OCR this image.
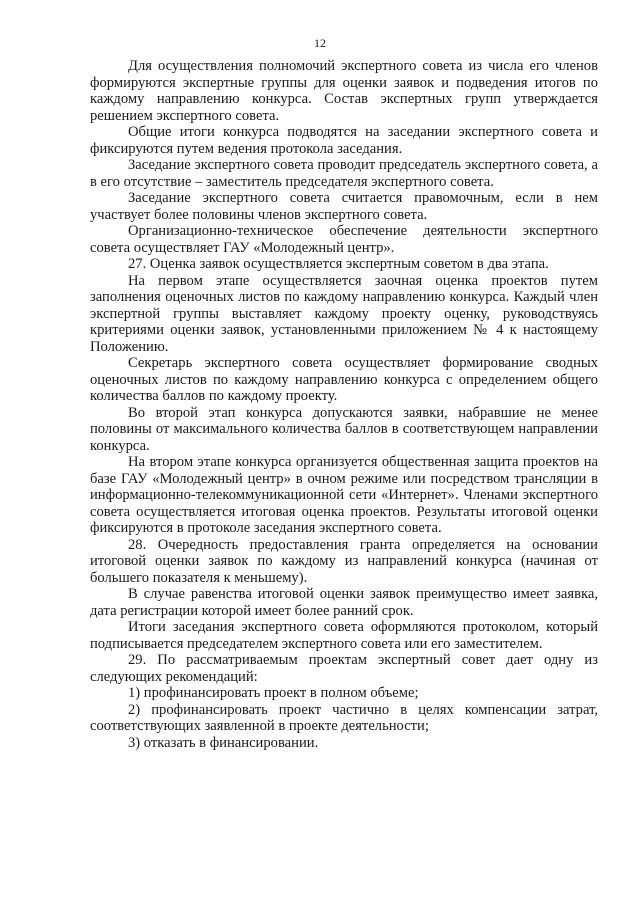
12

Для осуществления полномочий экспертного совета из числа его членов формируются экспертные группы для оценки заявок и подведения итогов по каждому направлению конкурса. Состав экспертных групп утверждается решением экспертного совета.

Общие итоги конкурса подводятся на заседании экспертного совета и фиксируются путем ведения протокола заседания.

Заседание экспертного совета проводит председатель экспертного совета, а в его отсутствие – заместитель председателя экспертного совета.

Заседание экспертного совета считается правомочным, если в нем участвует более половины членов экспертного совета.

Организационно-техническое обеспечение деятельности экспертного совета осуществляет ГАУ «Молодежный центр».

27. Оценка заявок осуществляется экспертным советом в два этапа.

На первом этапе осуществляется заочная оценка проектов путем заполнения оценочных листов по каждому направлению конкурса. Каждый член экспертной группы выставляет каждому проекту оценку, руководствуясь критериями оценки заявок, установленными приложением № 4 к настоящему Положению.

Секретарь экспертного совета осуществляет формирование сводных оценочных листов по каждому направлению конкурса с определением общего количества баллов по каждому проекту.

Во второй этап конкурса допускаются заявки, набравшие не менее половины от максимального количества баллов в соответствующем направлении конкурса.

На втором этапе конкурса организуется общественная защита проектов на базе ГАУ «Молодежный центр» в очном режиме или посредством трансляции в информационно-телекоммуникационной сети «Интернет». Членами экспертного совета осуществляется итоговая оценка проектов. Результаты итоговой оценки фиксируются в протоколе заседания экспертного совета.

28. Очередность предоставления гранта определяется на основании итоговой оценки заявок по каждому из направлений конкурса (начиная от большего показателя к меньшему).

В случае равенства итоговой оценки заявок преимущество имеет заявка, дата регистрации которой имеет более ранний срок.

Итоги заседания экспертного совета оформляются протоколом, который подписывается председателем экспертного совета или его заместителем.

29. По рассматриваемым проектам экспертный совет дает одну из следующих рекомендаций:

1) профинансировать проект в полном объеме;

2) профинансировать проект частично в целях компенсации затрат, соответствующих заявленной в проекте деятельности;

3) отказать в финансировании.
